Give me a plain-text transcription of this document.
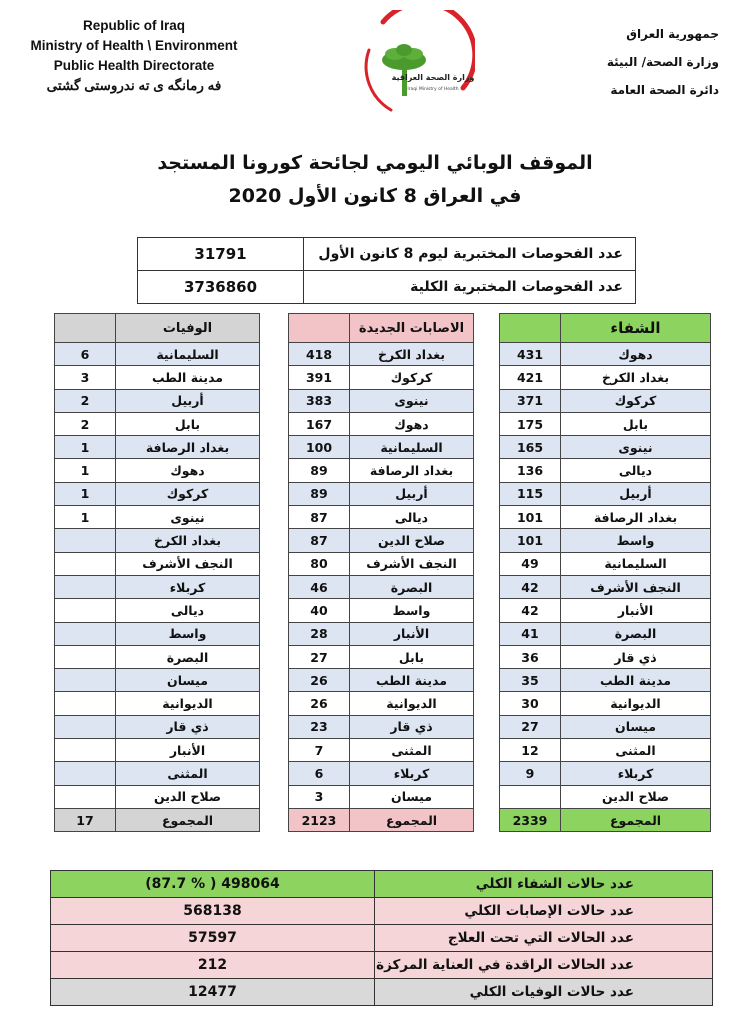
Republic of Iraq
Ministry of Health \ Environment
Public Health Directorate
فه رمانگه ى ته ندروستى گشتى
وزارة الصحة العراقية
Iraqi Ministry of Health
جمهورية العراق
وزارة الصحة/ البيئة
دائرة الصحة العامة
الموقف الوبائي اليومي لجائحة كورونا المستجد
في العراق 8 كانون الأول 2020
31791	عدد الفحوصات المختبرية ليوم 8 كانون الأول
3736860	عدد الفحوصات المختبرية الكلية
	الوفيات
6	السليمانية
3	مدينة الطب
2	أربيل
2	بابل
1	بغداد الرصافة
1	دهوك
1	كركوك
1	نينوى
	بغداد الكرخ
	النجف الأشرف
	كربلاء
	ديالى
	واسط
	البصرة
	ميسان
	الديوانية
	ذي قار
	الأنبار
	المثنى
	صلاح الدين
17	المجموع
	الاصابات الجديدة
418	بغداد الكرخ
391	كركوك
383	نينوى
167	دهوك
100	السليمانية
89	بغداد الرصافة
89	أربيل
87	ديالى
87	صلاح الدين
80	النجف الأشرف
46	البصرة
40	واسط
28	الأنبار
27	بابل
26	مدينة الطب
26	الديوانية
23	ذي قار
7	المثنى
6	كربلاء
3	ميسان
2123	المجموع
	الشفاء
431	دهوك
421	بغداد الكرخ
371	كركوك
175	بابل
165	نينوى
136	ديالى
115	أربيل
101	بغداد الرصافة
101	واسط
49	السليمانية
42	النجف الأشرف
42	الأنبار
41	البصرة
36	ذي قار
35	مدينة الطب
30	الديوانية
27	ميسان
12	المثنى
9	كربلاء
	صلاح الدين
2339	المجموع
(87.7 % ) 498064	عدد حالات الشفاء الكلي
568138	عدد حالات الإصابات الكلي
57597	عدد الحالات التي تحت العلاج
212	عدد الحالات الراقدة في العناية المركزة
12477	عدد حالات الوفيات الكلي
